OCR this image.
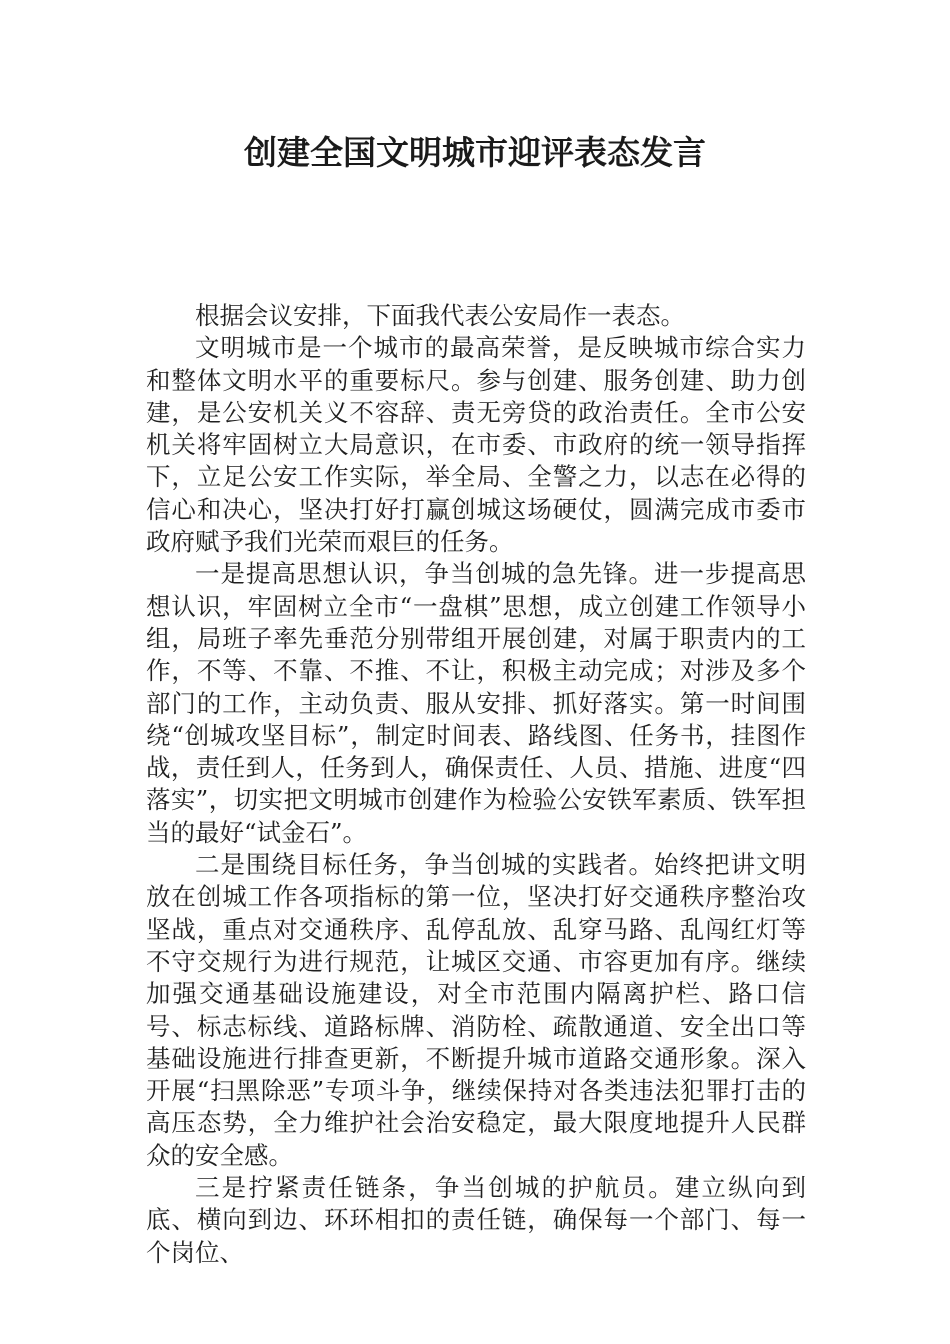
创建全国文明城市迎评表态发言

根据会议安排，下面我代表公安局作一表态。

文明城市是一个城市的最高荣誉，是反映城市综合实力和整体文明水平的重要标尺。参与创建、服务创建、助力创建，是公安机关义不容辞、责无旁贷的政治责任。全市公安机关将牢固树立大局意识，在市委、市政府的统一领导指挥下，立足公安工作实际，举全局、全警之力，以志在必得的信心和决心，坚决打好打赢创城这场硬仗，圆满完成市委市政府赋予我们光荣而艰巨的任务。

一是提高思想认识，争当创城的急先锋。进一步提高思想认识，牢固树立全市“一盘棋”思想，成立创建工作领导小组，局班子率先垂范分别带组开展创建，对属于职责内的工作，不等、不靠、不推、不让，积极主动完成；对涉及多个部门的工作，主动负责、服从安排、抓好落实。第一时间围绕“创城攻坚目标”，制定时间表、路线图、任务书，挂图作战，责任到人，任务到人，确保责任、人员、措施、进度“四落实”，切实把文明城市创建作为检验公安铁军素质、铁军担当的最好“试金石”。

二是围绕目标任务，争当创城的实践者。始终把讲文明放在创城工作各项指标的第一位，坚决打好交通秩序整治攻坚战，重点对交通秩序、乱停乱放、乱穿马路、乱闯红灯等不守交规行为进行规范，让城区交通、市容更加有序。继续加强交通基础设施建设，对全市范围内隔离护栏、路口信号、标志标线、道路标牌、消防栓、疏散通道、安全出口等基础设施进行排查更新，不断提升城市道路交通形象。深入开展“扫黑除恶”专项斗争，继续保持对各类违法犯罪打击的高压态势，全力维护社会治安稳定，最大限度地提升人民群众的安全感。

三是拧紧责任链条，争当创城的护航员。建立纵向到底、横向到边、环环相扣的责任链，确保每一个部门、每一个岗位、
